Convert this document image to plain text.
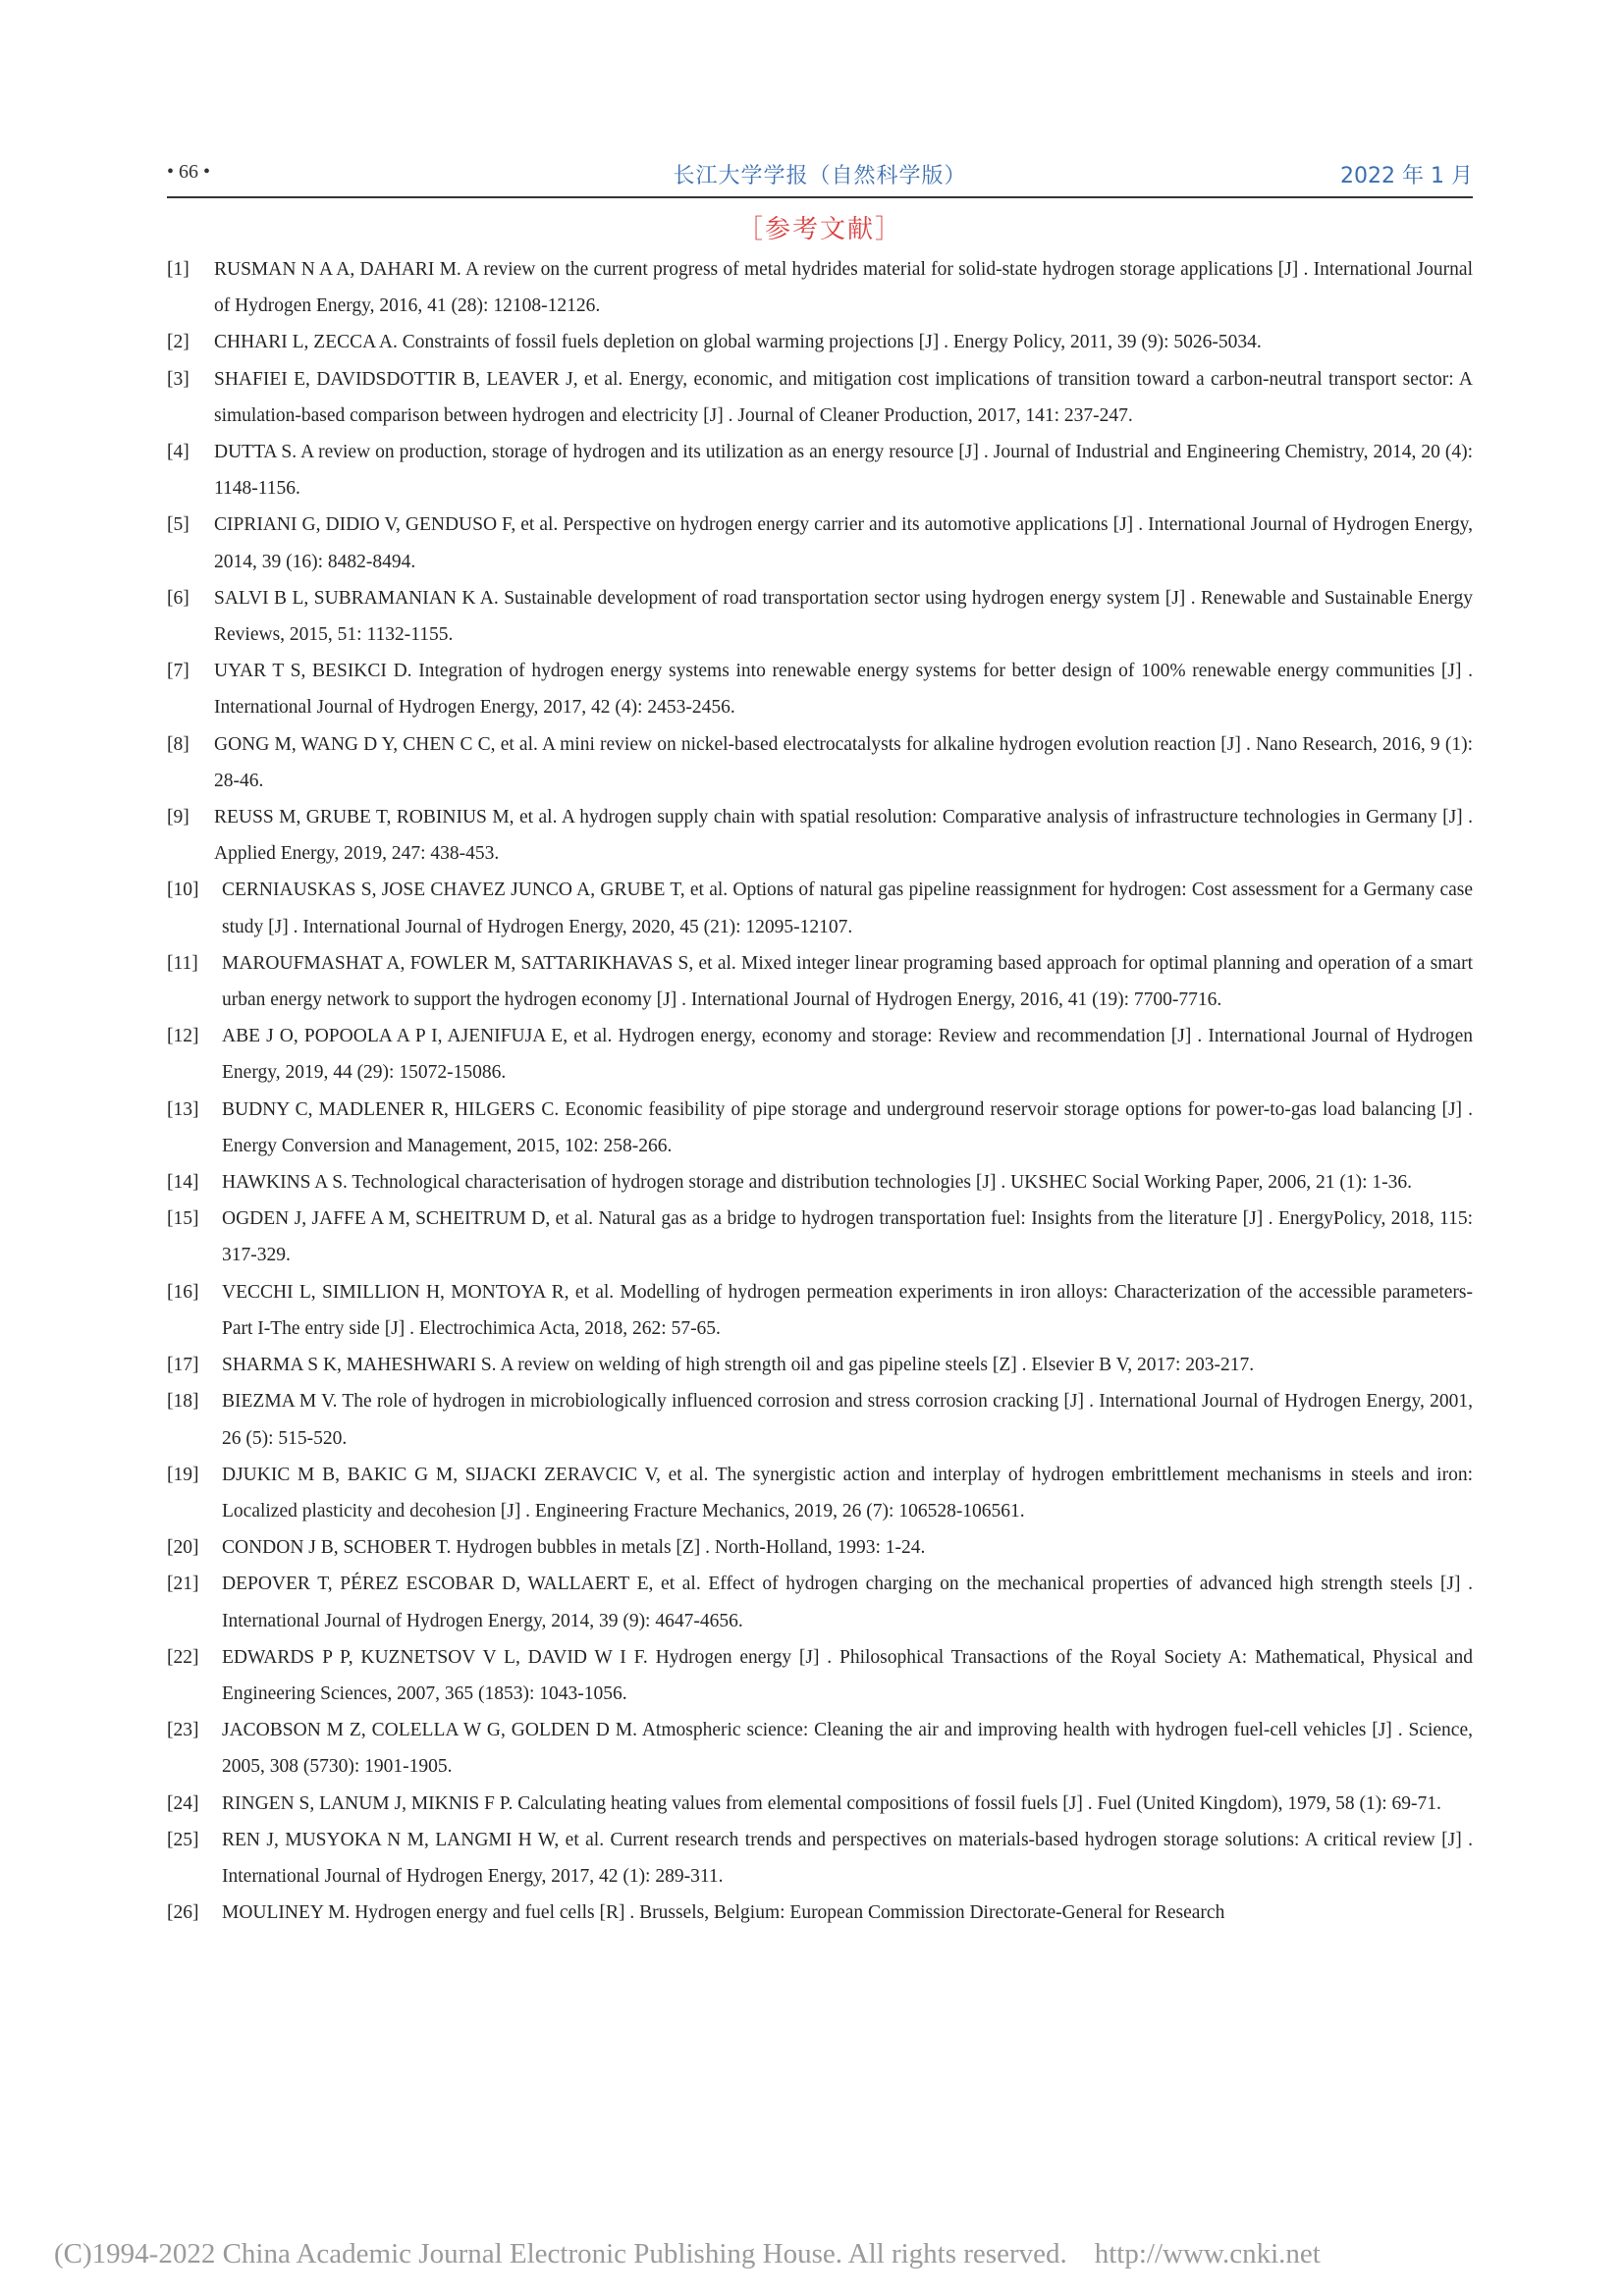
• 66 •	长江大学学报（自然科学版）	2022 年 1 月
［参考文献］
[1] RUSMAN N A A, DAHARI M. A review on the current progress of metal hydrides material for solid-state hydrogen storage applications [J] . International Journal of Hydrogen Energy, 2016, 41 (28): 12108-12126.
[2] CHHARI L, ZECCA A. Constraints of fossil fuels depletion on global warming projections [J] . Energy Policy, 2011, 39 (9): 5026-5034.
[3] SHAFIEI E, DAVIDSDOTTIR B, LEAVER J, et al. Energy, economic, and mitigation cost implications of transition toward a carbon-neutral transport sector: A simulation-based comparison between hydrogen and electricity [J] . Journal of Cleaner Production, 2017, 141: 237-247.
[4] DUTTA S. A review on production, storage of hydrogen and its utilization as an energy resource [J] . Journal of Industrial and Engineering Chemistry, 2014, 20 (4): 1148-1156.
[5] CIPRIANI G, DIDIO V, GENDUSO F, et al. Perspective on hydrogen energy carrier and its automotive applications [J] . International Journal of Hydrogen Energy, 2014, 39 (16): 8482-8494.
[6] SALVI B L, SUBRAMANIAN K A. Sustainable development of road transportation sector using hydrogen energy system [J] . Renewable and Sustainable Energy Reviews, 2015, 51: 1132-1155.
[7] UYAR T S, BESIKCI D. Integration of hydrogen energy systems into renewable energy systems for better design of 100% renewable energy communities [J] . International Journal of Hydrogen Energy, 2017, 42 (4): 2453-2456.
[8] GONG M, WANG D Y, CHEN C C, et al. A mini review on nickel-based electrocatalysts for alkaline hydrogen evolution reaction [J] . Nano Research, 2016, 9 (1): 28-46.
[9] REUSS M, GRUBE T, ROBINIUS M, et al. A hydrogen supply chain with spatial resolution: Comparative analysis of infrastructure technologies in Germany [J] . Applied Energy, 2019, 247: 438-453.
[10] CERNIAUSKAS S, JOSE CHAVEZ JUNCO A, GRUBE T, et al. Options of natural gas pipeline reassignment for hydrogen: Cost assessment for a Germany case study [J] . International Journal of Hydrogen Energy, 2020, 45 (21): 12095-12107.
[11] MAROUFMASHAT A, FOWLER M, SATTARIKHAVAS S, et al. Mixed integer linear programing based approach for optimal planning and operation of a smart urban energy network to support the hydrogen economy [J] . International Journal of Hydrogen Energy, 2016, 41 (19): 7700-7716.
[12] ABE J O, POPOOLA A P I, AJENIFUJA E, et al. Hydrogen energy, economy and storage: Review and recommendation [J] . International Journal of Hydrogen Energy, 2019, 44 (29): 15072-15086.
[13] BUDNY C, MADLENER R, HILGERS C. Economic feasibility of pipe storage and underground reservoir storage options for power-to-gas load balancing [J] . Energy Conversion and Management, 2015, 102: 258-266.
[14] HAWKINS A S. Technological characterisation of hydrogen storage and distribution technologies [J] . UKSHEC Social Working Paper, 2006, 21 (1): 1-36.
[15] OGDEN J, JAFFE A M, SCHEITRUM D, et al. Natural gas as a bridge to hydrogen transportation fuel: Insights from the literature [J] . EnergyPolicy, 2018, 115: 317-329.
[16] VECCHI L, SIMILLION H, MONTOYA R, et al. Modelling of hydrogen permeation experiments in iron alloys: Characterization of the accessible parameters-Part I-The entry side [J] . Electrochimica Acta, 2018, 262: 57-65.
[17] SHARMA S K, MAHESHWARI S. A review on welding of high strength oil and gas pipeline steels [Z] . Elsevier B V, 2017: 203-217.
[18] BIEZMA M V. The role of hydrogen in microbiologically influenced corrosion and stress corrosion cracking [J] . International Journal of Hydrogen Energy, 2001, 26 (5): 515-520.
[19] DJUKIC M B, BAKIC G M, SIJACKI ZERAVCIC V, et al. The synergistic action and interplay of hydrogen embrittlement mechanisms in steels and iron: Localized plasticity and decohesion [J] . Engineering Fracture Mechanics, 2019, 26 (7): 106528-106561.
[20] CONDON J B, SCHOBER T. Hydrogen bubbles in metals [Z] . North-Holland, 1993: 1-24.
[21] DEPOVER T, PÉREZ ESCOBAR D, WALLAERT E, et al. Effect of hydrogen charging on the mechanical properties of advanced high strength steels [J] . International Journal of Hydrogen Energy, 2014, 39 (9): 4647-4656.
[22] EDWARDS P P, KUZNETSOV V L, DAVID W I F. Hydrogen energy [J] . Philosophical Transactions of the Royal Society A: Mathematical, Physical and Engineering Sciences, 2007, 365 (1853): 1043-1056.
[23] JACOBSON M Z, COLELLA W G, GOLDEN D M. Atmospheric science: Cleaning the air and improving health with hydrogen fuel-cell vehicles [J] . Science, 2005, 308 (5730): 1901-1905.
[24] RINGEN S, LANUM J, MIKNIS F P. Calculating heating values from elemental compositions of fossil fuels [J] . Fuel (United Kingdom), 1979, 58 (1): 69-71.
[25] REN J, MUSYOKA N M, LANGMI H W, et al. Current research trends and perspectives on materials-based hydrogen storage solutions: A critical review [J] . International Journal of Hydrogen Energy, 2017, 42 (1): 289-311.
[26] MOULINEY M. Hydrogen energy and fuel cells [R] . Brussels, Belgium: European Commission Directorate-General for Research
(C)1994-2022 China Academic Journal Electronic Publishing House. All rights reserved. http://www.cnki.net
